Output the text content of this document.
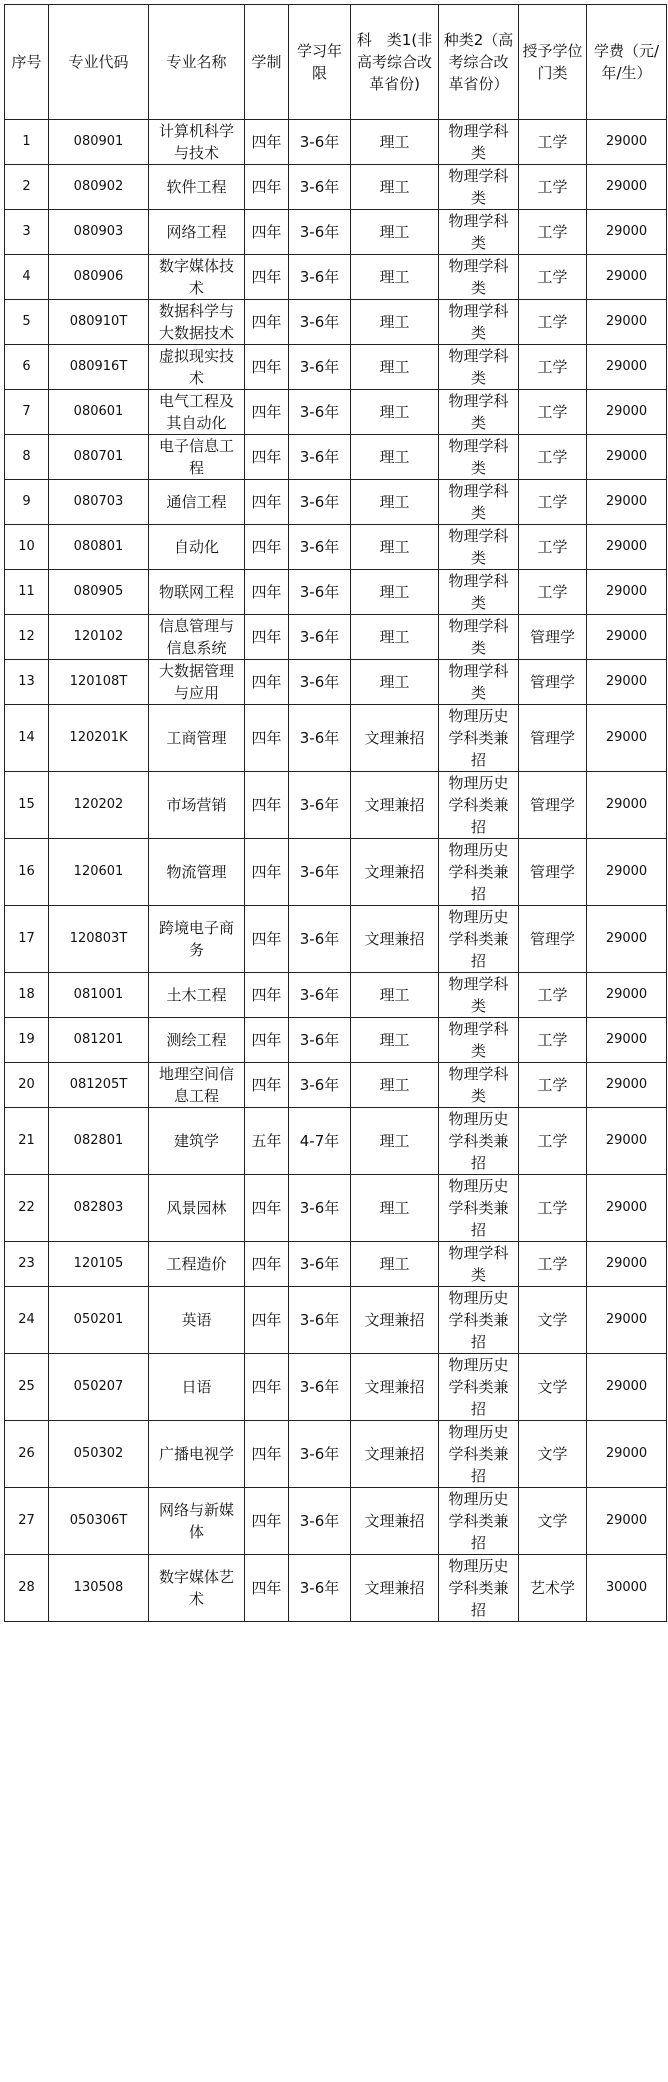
序号	专业代码	专业名称	学制	学习年限	科　类1(非高考综合改革省份)	种类2（高考综合改革省份）	授予学位门类	学费（元/年/生）
1	080901	计算机科学与技术	四年	3-6年	理工	物理学科类	工学	29000
2	080902	软件工程	四年	3-6年	理工	物理学科类	工学	29000
3	080903	网络工程	四年	3-6年	理工	物理学科类	工学	29000
4	080906	数字媒体技术	四年	3-6年	理工	物理学科类	工学	29000
5	080910T	数据科学与大数据技术	四年	3-6年	理工	物理学科类	工学	29000
6	080916T	虚拟现实技术	四年	3-6年	理工	物理学科类	工学	29000
7	080601	电气工程及其自动化	四年	3-6年	理工	物理学科类	工学	29000
8	080701	电子信息工程	四年	3-6年	理工	物理学科类	工学	29000
9	080703	通信工程	四年	3-6年	理工	物理学科类	工学	29000
10	080801	自动化	四年	3-6年	理工	物理学科类	工学	29000
11	080905	物联网工程	四年	3-6年	理工	物理学科类	工学	29000
12	120102	信息管理与信息系统	四年	3-6年	理工	物理学科类	管理学	29000
13	120108T	大数据管理与应用	四年	3-6年	理工	物理学科类	管理学	29000
14	120201K	工商管理	四年	3-6年	文理兼招	物理历史学科类兼招	管理学	29000
15	120202	市场营销	四年	3-6年	文理兼招	物理历史学科类兼招	管理学	29000
16	120601	物流管理	四年	3-6年	文理兼招	物理历史学科类兼招	管理学	29000
17	120803T	跨境电子商务	四年	3-6年	文理兼招	物理历史学科类兼招	管理学	29000
18	081001	土木工程	四年	3-6年	理工	物理学科类	工学	29000
19	081201	测绘工程	四年	3-6年	理工	物理学科类	工学	29000
20	081205T	地理空间信息工程	四年	3-6年	理工	物理学科类	工学	29000
21	082801	建筑学	五年	4-7年	理工	物理历史学科类兼招	工学	29000
22	082803	风景园林	四年	3-6年	理工	物理历史学科类兼招	工学	29000
23	120105	工程造价	四年	3-6年	理工	物理学科类	工学	29000
24	050201	英语	四年	3-6年	文理兼招	物理历史学科类兼招	文学	29000
25	050207	日语	四年	3-6年	文理兼招	物理历史学科类兼招	文学	29000
26	050302	广播电视学	四年	3-6年	文理兼招	物理历史学科类兼招	文学	29000
27	050306T	网络与新媒体	四年	3-6年	文理兼招	物理历史学科类兼招	文学	29000
28	130508	数字媒体艺术	四年	3-6年	文理兼招	物理历史学科类兼招	艺术学	30000
